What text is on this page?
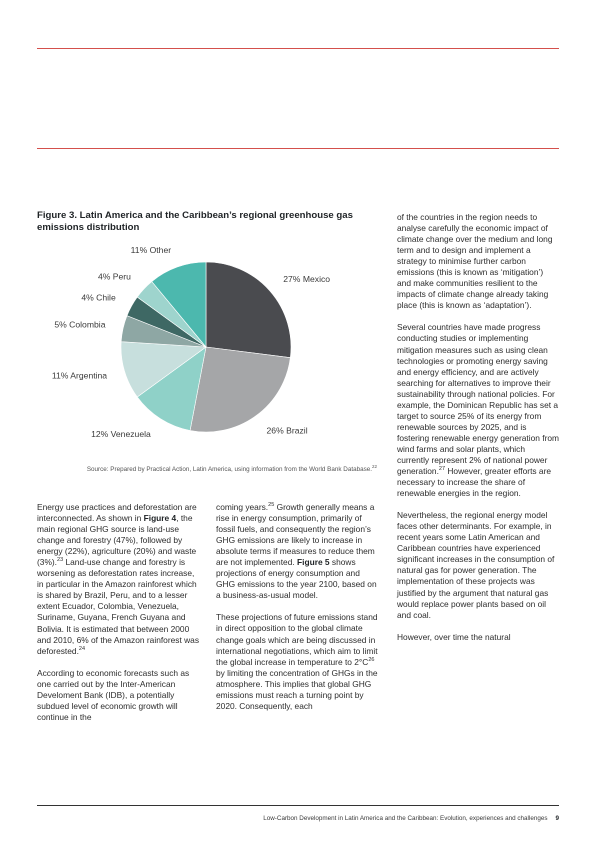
Figure 3. Latin America and the Caribbean’s regional greenhouse gas emissions distribution
27% Mexico
26% Brazil
12% Venezuela
11% Argentina
5% Colombia
4% Chile
4% Peru
11% Other
Source: Prepared by Practical Action, Latin America, using information from the World Bank Database.$^{22}$

Energy use practices and deforestation are interconnected. As shown in Figure 4, the main regional GHG source is land-use change and forestry (47%), followed by energy (22%), agriculture (20%) and waste (3%).$^{23}$ Land-use change and forestry is worsening as deforestation rates increase, in particular in the Amazon rainforest which is shared by Brazil, Peru, and to a lesser extent Ecuador, Colombia, Venezuela, Suriname, Guyana, French Guyana and Bolivia. It is estimated that between 2000 and 2010, 6% of the Amazon rainforest was deforested.$^{24}$

According to economic forecasts such as one carried out by the Inter-American Develoment Bank (IDB), a potentially subdued level of economic growth will continue in the

coming years.$^{25}$ Growth generally means a rise in energy consumption, primarily of fossil fuels, and consequently the region’s GHG emissions are likely to increase in absolute terms if measures to reduce them are not implemented. Figure 5 shows projections of energy consumption and GHG emissions to the year 2100, based on a business-as-usual model.

These projections of future emissions stand in direct opposition to the global climate change goals which are being discussed in international negotiations, which aim to limit the global increase in temperature to $2^\circ C^{26}$ by limiting the concentration of GHGs in the atmosphere. This implies that global GHG emissions must reach a turning point by 2020. Consequently, each

of the countries in the region needs to analyse carefully the economic impact of climate change over the medium and long term and to design and implement a strategy to minimise further carbon emissions (this is known as ‘mitigation’) and make communities resilient to the impacts of climate change already taking place (this is known as ‘adaptation’).

Several countries have made progress conducting studies or implementing mitigation measures such as using clean technologies or promoting energy saving and energy efficiency, and are actively searching for alternatives to improve their sustainability through national policies. For example, the Dominican Republic has set a target to source 25% of its energy from renewable sources by 2025, and is fostering renewable energy generation from wind farms and solar plants, which currently represent 2% of national power generation.$^{27}$ However, greater efforts are necessary to increase the share of renewable energies in the region.

Nevertheless, the regional energy model faces other determinants. For example, in recent years some Latin American and Caribbean countries have experienced significant increases in the consumption of natural gas for power generation. The implementation of these projects was justified by the argument that natural gas would replace power plants based on oil and coal.

However, over time the natural

Low-Carbon Development in Latin America and the Caribbean: Evolution, experiences and challenges 9
